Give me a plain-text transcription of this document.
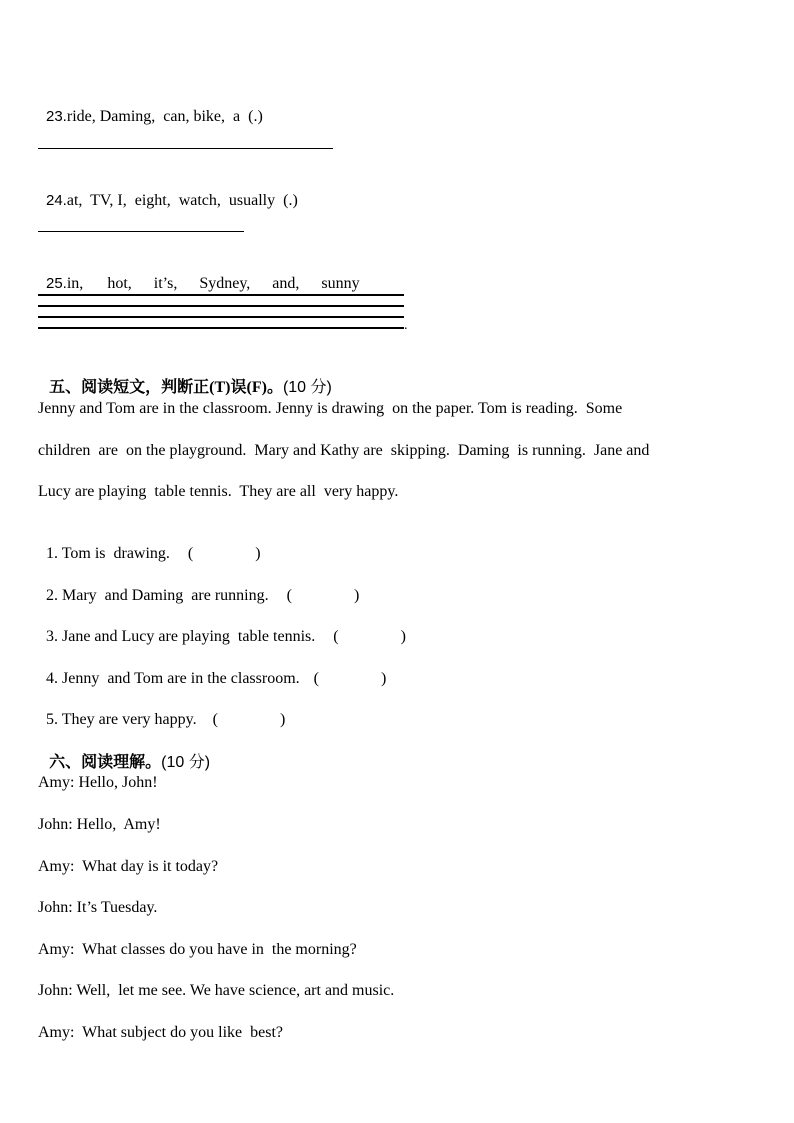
23.ride, Daming,  can, bike,  a  (.)

24.at,  TV, I,  eight,  watch,  usually  (.)

25.in, hot, it’s, Sydney, and, sunny

.

五、阅读短文，判断正(T)误(F)。(10 分)

Jenny and Tom are in the classroom. Jenny is drawing  on the paper. Tom is reading.  Some
children  are  on the playground.  Mary and Kathy are  skipping.  Daming  is running.  Jane and
Lucy are playing  table tennis.  They are all  very happy.

1. Tom is  drawing. (	)

2. Mary  and Daming  are running. (	)

3. Jane and Lucy are playing  table tennis. (	)

4. Jenny  and Tom are in the classroom. (	)

5. They are very happy. (	)

六、阅读理解。(10 分)

Amy: Hello, John!
John: Hello,  Amy!
Amy:  What day is it today?
John: It’s Tuesday.
Amy:  What classes do you have in  the morning?
John: Well,  let me see. We have science, art and music.
Amy:  What subject do you like  best?
